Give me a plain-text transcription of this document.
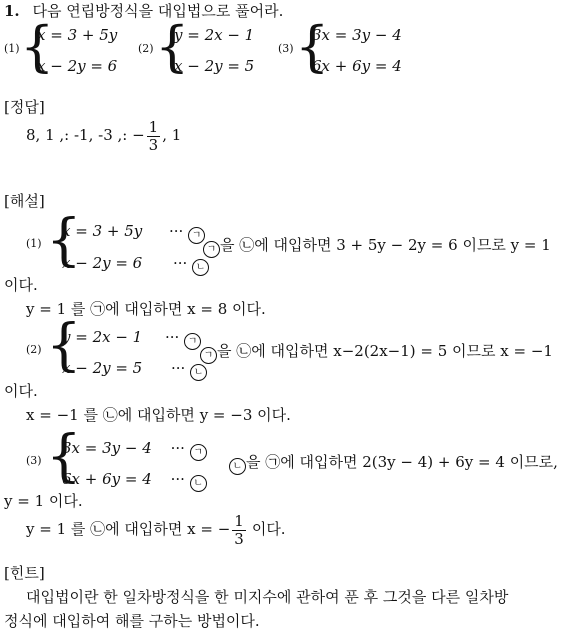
1. 다음 연립방정식을 대입법으로 풀어라.
(1) {
x = 3 + 5y
x − 2y = 6
(2) {
y = 2x − 1
x − 2y = 5
(3) {
3x = 3y − 4
6x + 6y = 4
[정답]
8, 1 ,: -1, -3 ,: − $\frac{1}{3}$ , 1
[해설]
(1) {
x = 3 + 5y ··· ㄱ
x − 2y = 6 ··· ㄴ
ㄱ 을 ㉡에 대입하면 3 + 5y − 2y = 6 이므로 y = 1
이다.
y = 1 를 ㉠에 대입하면 x = 8 이다.
(2) {
y = 2x − 1 ··· ㄱ
x − 2y = 5 ··· ㄴ
ㄱ 을 ㉡에 대입하면 x−2(2x−1) = 5 이므로 x = −1
이다.
x = −1 를 ㉡에 대입하면 y = −3 이다.
(3) {
3x = 3y − 4 ··· ㄱ
6x + 6y = 4 ··· ㄴ
ㄴ 을 ㉠에 대입하면 2(3y − 4) + 6y = 4 이므로,
y = 1 이다.
y = 1 를 ㉡에 대입하면 x = − $\frac{1}{3}$ 이다.
[힌트]
대입법이란 한 일차방정식을 한 미지수에 관하여 푼 후 그것을 다른 일차방
정식에 대입하여 해를 구하는 방법이다.
